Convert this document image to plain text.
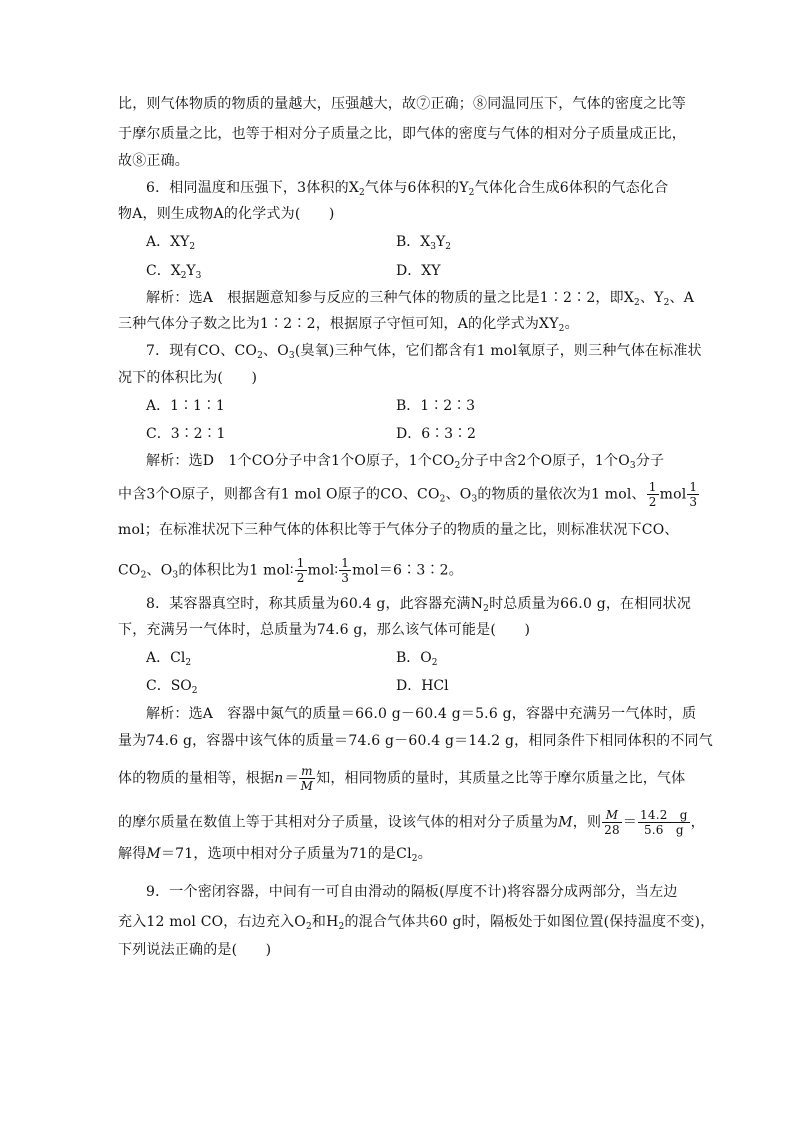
比，则气体物质的物质的量越大，压强越大，故⑦正确；⑧同温同压下，气体的密度之比等
于摩尔质量之比，也等于相对分子质量之比，即气体的密度与气体的相对分子质量成正比，
故⑧正确。
6．相同温度和压强下，3体积的$X_2$气体与6体积的$Y_2$气体化合生成6体积的气态化合
物A，则生成物A的化学式为(　　)
A．$XY_2$	B．$X_3Y_2$
C．$X_2Y_3$	D．XY
解析：选A　根据题意知参与反应的三种气体的物质的量之比是1∶2∶2，即$X_2$、$Y_2$、A
三种气体分子数之比为1∶2∶2，根据原子守恒可知，A的化学式为$XY_2$。
7．现有CO、$CO_2$、$O_3$(臭氧)三种气体，它们都含有1 mol氧原子，则三种气体在标准状
况下的体积比为(　　)
A．1∶1∶1	B．1∶2∶3
C．3∶2∶1	D．6∶3∶2
解析：选D　1个CO分子中含1个O原子，1个$CO_2$分子中含2个O原子，1个$O_3$分子
中含3个O原子，则都含有1 mol O原子的CO、$CO_2$、$O_3$的物质的量依次为1 mol、 $\frac{1}{2}$ mol $\frac{1}{3}$
mol；在标准状况下三种气体的体积比等于气体分子的物质的量之比，则标准状况下CO、
$CO_2$、$O_3$的体积比为1 mol∶ $\frac{1}{2}$ mol∶ $\frac{1}{3}$ mol＝6∶3∶2。
8．某容器真空时，称其质量为60.4 g，此容器充满$N_2$时总质量为66.0 g，在相同状况
下，充满另一气体时，总质量为74.6 g，那么该气体可能是(　　)
A．$Cl_2$	B．$O_2$
C．$SO_2$	D．HCl
解析：选A　容器中氮气的质量＝66.0 g－60.4 g＝5.6 g，容器中充满另一气体时，质
量为74.6 g，容器中该气体的质量＝74.6 g－60.4 g＝14.2 g，相同条件下相同体积的不同气
体的物质的量相等，根据$n= \frac{m}{M}$ 知，相同物质的量时，其质量之比等于摩尔质量之比，气体
的摩尔质量在数值上等于其相对分子质量，设该气体的相对分子质量为M，则 $\frac{M}{28} = \frac{14.2 g}{5.6 g}$ ，
解得M＝71，选项中相对分子质量为71的是$Cl_2$。
9．一个密闭容器，中间有一可自由滑动的隔板(厚度不计)将容器分成两部分，当左边
充入12 mol CO，右边充入$O_2$和$H_2$的混合气体共60 g时，隔板处于如图位置(保持温度不变)，
下列说法正确的是(　　)
